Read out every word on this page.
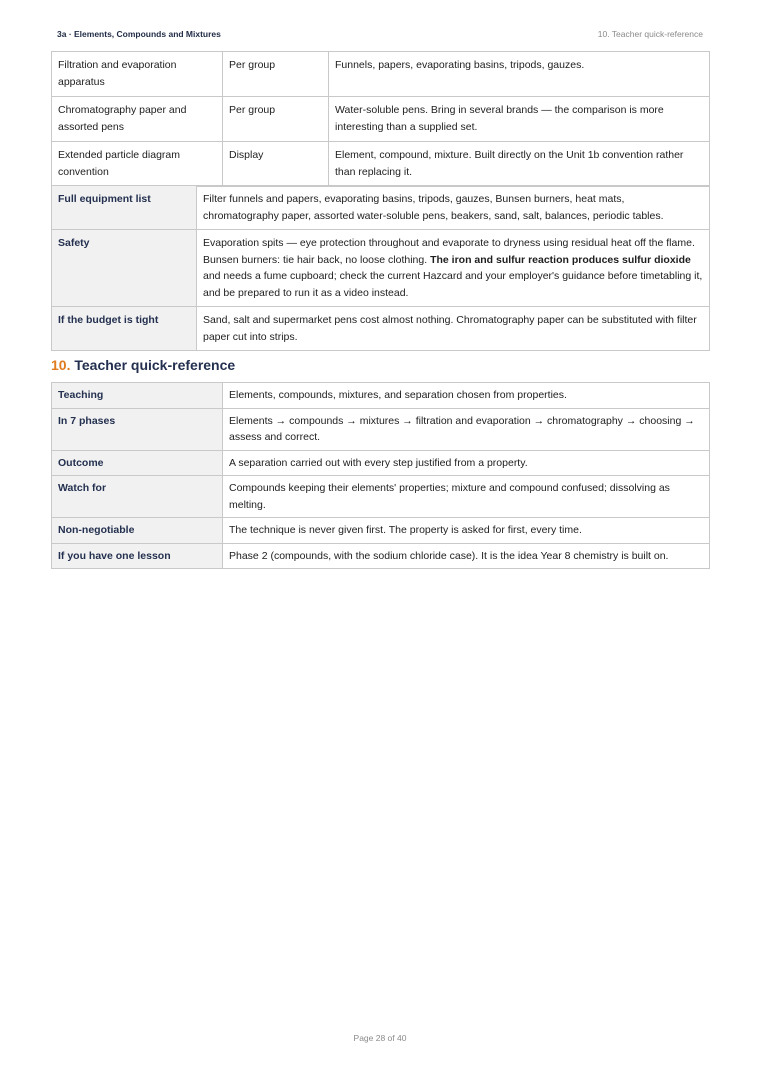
3a · Elements, Compounds and Mixtures	10. Teacher quick-reference
Filtration and evaporation apparatus	Per group	Funnels, papers, evaporating basins, tripods, gauzes.
Chromatography paper and assorted pens	Per group	Water-soluble pens. Bring in several brands — the comparison is more interesting than a supplied set.
Extended particle diagram convention	Display	Element, compound, mixture. Built directly on the Unit 1b convention rather than replacing it.
Full equipment list	Filter funnels and papers, evaporating basins, tripods, gauzes, Bunsen burners, heat mats, chromatography paper, assorted water-soluble pens, beakers, sand, salt, balances, periodic tables.
Safety	Evaporation spits — eye protection throughout and evaporate to dryness using residual heat off the flame. Bunsen burners: tie hair back, no loose clothing. The iron and sulfur reaction produces sulfur dioxide and needs a fume cupboard; check the current Hazcard and your employer's guidance before timetabling it, and be prepared to run it as a video instead.
If the budget is tight	Sand, salt and supermarket pens cost almost nothing. Chromatography paper can be substituted with filter paper cut into strips.
10. Teacher quick-reference
Teaching	Elements, compounds, mixtures, and separation chosen from properties.
In 7 phases	Elements → compounds → mixtures → filtration and evaporation → chromatography → choosing → assess and correct.
Outcome	A separation carried out with every step justified from a property.
Watch for	Compounds keeping their elements' properties; mixture and compound confused; dissolving as melting.
Non-negotiable	The technique is never given first. The property is asked for first, every time.
If you have one lesson	Phase 2 (compounds, with the sodium chloride case). It is the idea Year 8 chemistry is built on.
Page 28 of 40
